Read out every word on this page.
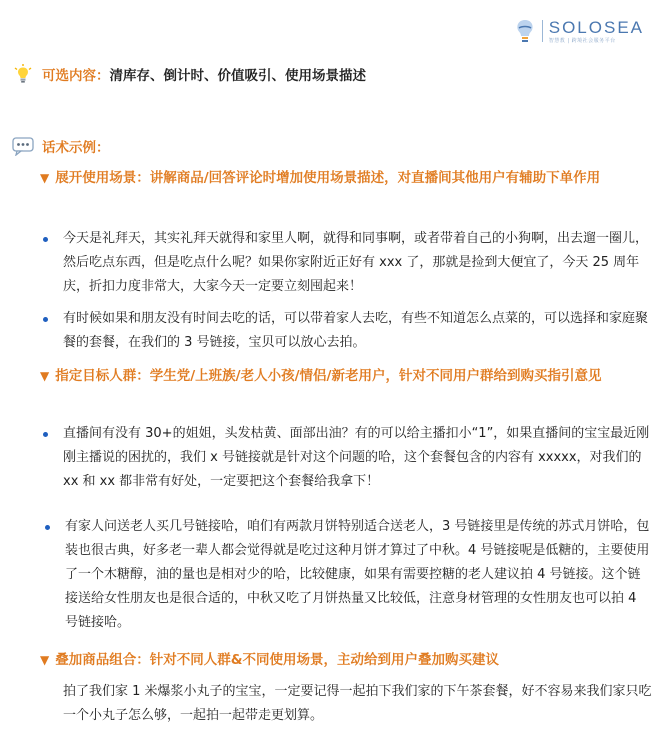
SOLOSEA
智慧教 | 跨境社会服务平台
可选内容： 清库存、倒计时、价值吸引、使用场景描述
话术示例：
▼ 展开使用场景：讲解商品/回答评论时增加使用场景描述，对直播间其他用户有辅助下单作用
今天是礼拜天，其实礼拜天就得和家里人啊，就得和同事啊，或者带着自己的小狗啊，出去遛一圈儿，然后吃点东西，但是吃点什么呢？如果你家附近正好有 xxx 了，那就是捡到大便宜了，今天 25 周年庆，折扣力度非常大，大家今天一定要立刻囤起来！
有时候如果和朋友没有时间去吃的话，可以带着家人去吃，有些不知道怎么点菜的，可以选择和家庭聚餐的套餐，在我们的 3 号链接，宝贝可以放心去拍。
▼ 指定目标人群：学生党/上班族/老人小孩/情侣/新老用户，针对不同用户群给到购买指引意见
直播间有没有 30+的姐姐，头发枯黄、面部出油？有的可以给主播扣小“1”，如果直播间的宝宝最近刚刚主播说的困扰的，我们 x 号链接就是针对这个问题的哈，这个套餐包含的内容有 xxxxx，对我们的 xx 和 xx 都非常有好处，一定要把这个套餐给我拿下！
有家人问送老人买几号链接哈，咱们有两款月饼特别适合送老人，3 号链接里是传统的苏式月饼哈，包装也很古典，好多老一辈人都会觉得就是吃过这种月饼才算过了中秋。4 号链接呢是低糖的，主要使用了一个木糖醇，油的量也是相对少的哈，比较健康，如果有需要控糖的老人建议拍 4 号链接。这个链接送给女性朋友也是很合适的，中秋又吃了月饼热量又比较低，注意身材管理的女性朋友也可以拍 4 号链接哈。
▼ 叠加商品组合：针对不同人群&不同使用场景，主动给到用户叠加购买建议
拍了我们家 1 米爆浆小丸子的宝宝，一定要记得一起拍下我们家的下午茶套餐，好不容易来我们家只吃一个小丸子怎么够，一起拍一起带走更划算。
